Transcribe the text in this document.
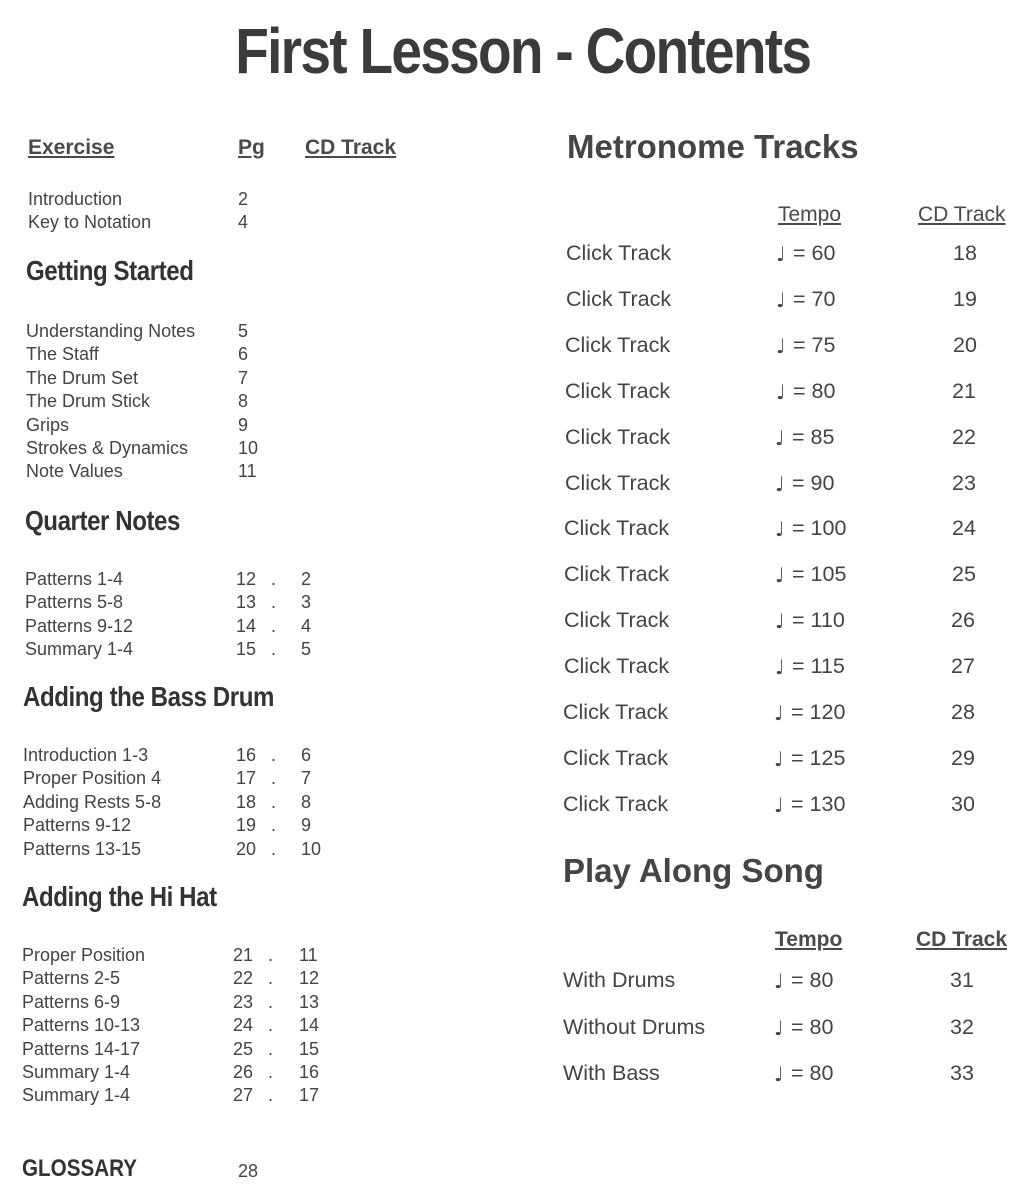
First Lesson - Contents
Exercise	Pg CD Track
Introduction	2
Key to Notation	4
Getting Started
Understanding Notes 5
The Staff	6
The Drum Set	7
The Drum Stick	8
Grips	9
Strokes & Dynamics	10
Note Values	11
Quarter Notes
Patterns 1-4	12 . 2
Patterns 5-8	13 . 3
Patterns 9-12	14 . 4
Summary 1-4	15 . 5
Adding the Bass Drum
Introduction 1-3	16 . 6
Proper Position 4	17 . 7
Adding Rests 5-8	18 . 8
Patterns 9-12	19 . 9
Patterns 13-15	20 . 10
Adding the Hi Hat
Proper Position	21 . 11
Patterns 2-5	22 . 12
Patterns 6-9	23 . 13
Patterns 10-13	24 . 14
Patterns 14-17	25 . 15
Summary 1-4	26 . 16
Summary 1-4	27 . 17
GLOSSARY	28
Metronome Tracks
Tempo	CD Track
Click Track	♩ = 60	18
Click Track	♩ = 70	19
Click Track	♩ = 75	20
Click Track	♩ = 80	21
Click Track	♩ = 85	22
Click Track	♩ = 90	23
Click Track	♩ = 100	24
Click Track	♩ = 105	25
Click Track	♩ = 110	26
Click Track	♩ = 115	27
Click Track	♩ = 120	28
Click Track	♩ = 125	29
Click Track	♩ = 130	30
Play Along Song
Tempo	CD Track
With Drums	♩ = 80	31
Without Drums	♩ = 80	32
With Bass	♩ = 80	33
